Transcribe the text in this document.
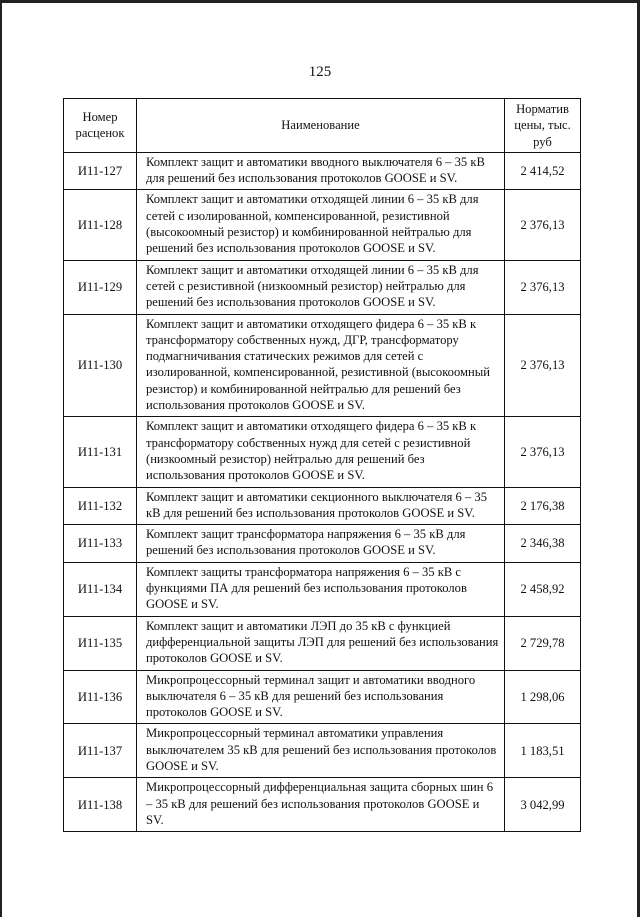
125
Номер расценок	Наименование	Норматив цены, тыс. руб
И11-127	Комплект защит и автоматики вводного выключателя 6 – 35 кВ для решений без использования протоколов GOOSE и SV.	2 414,52
И11-128	Комплект защит и автоматики отходящей линии 6 – 35 кВ для сетей с изолированной, компенсированной, резистивной (высокоомный резистор) и комбинированной нейтралью для решений без использования протоколов GOOSE и SV.	2 376,13
И11-129	Комплект защит и автоматики отходящей линии 6 – 35 кВ для сетей с резистивной (низкоомный резистор) нейтралью для решений без использования протоколов GOOSE и SV.	2 376,13
И11-130	Комплект защит и автоматики отходящего фидера 6 – 35 кВ к трансформатору собственных нужд, ДГР, трансформатору подмагничивания статических режимов для сетей с изолированной, компенсированной, резистивной (высокоомный резистор) и комбинированной нейтралью для решений без использования протоколов GOOSE и SV.	2 376,13
И11-131	Комплект защит и автоматики отходящего фидера 6 – 35 кВ к трансформатору собственных нужд для сетей с резистивной (низкоомный резистор) нейтралью для решений без использования протоколов GOOSE и SV.	2 376,13
И11-132	Комплект защит и автоматики секционного выключателя 6 – 35 кВ для решений без использования протоколов GOOSE и SV.	2 176,38
И11-133	Комплект защит трансформатора напряжения 6 – 35 кВ для решений без использования протоколов GOOSE и SV.	2 346,38
И11-134	Комплект защиты трансформатора напряжения 6 – 35 кВ с функциями ПА для решений без использования протоколов GOOSE и SV.	2 458,92
И11-135	Комплект защит и автоматики ЛЭП до 35 кВ с функцией дифференциальной защиты ЛЭП для решений без использования протоколов GOOSE и SV.	2 729,78
И11-136	Микропроцессорный терминал защит и автоматики вводного выключателя 6 – 35 кВ для решений без использования протоколов GOOSE и SV.	1 298,06
И11-137	Микропроцессорный терминал автоматики управления выключателем 35 кВ для решений без использования протоколов GOOSE и SV.	1 183,51
И11-138	Микропроцессорный дифференциальная защита сборных шин 6 – 35 кВ для решений без использования протоколов GOOSE и SV.	3 042,99
